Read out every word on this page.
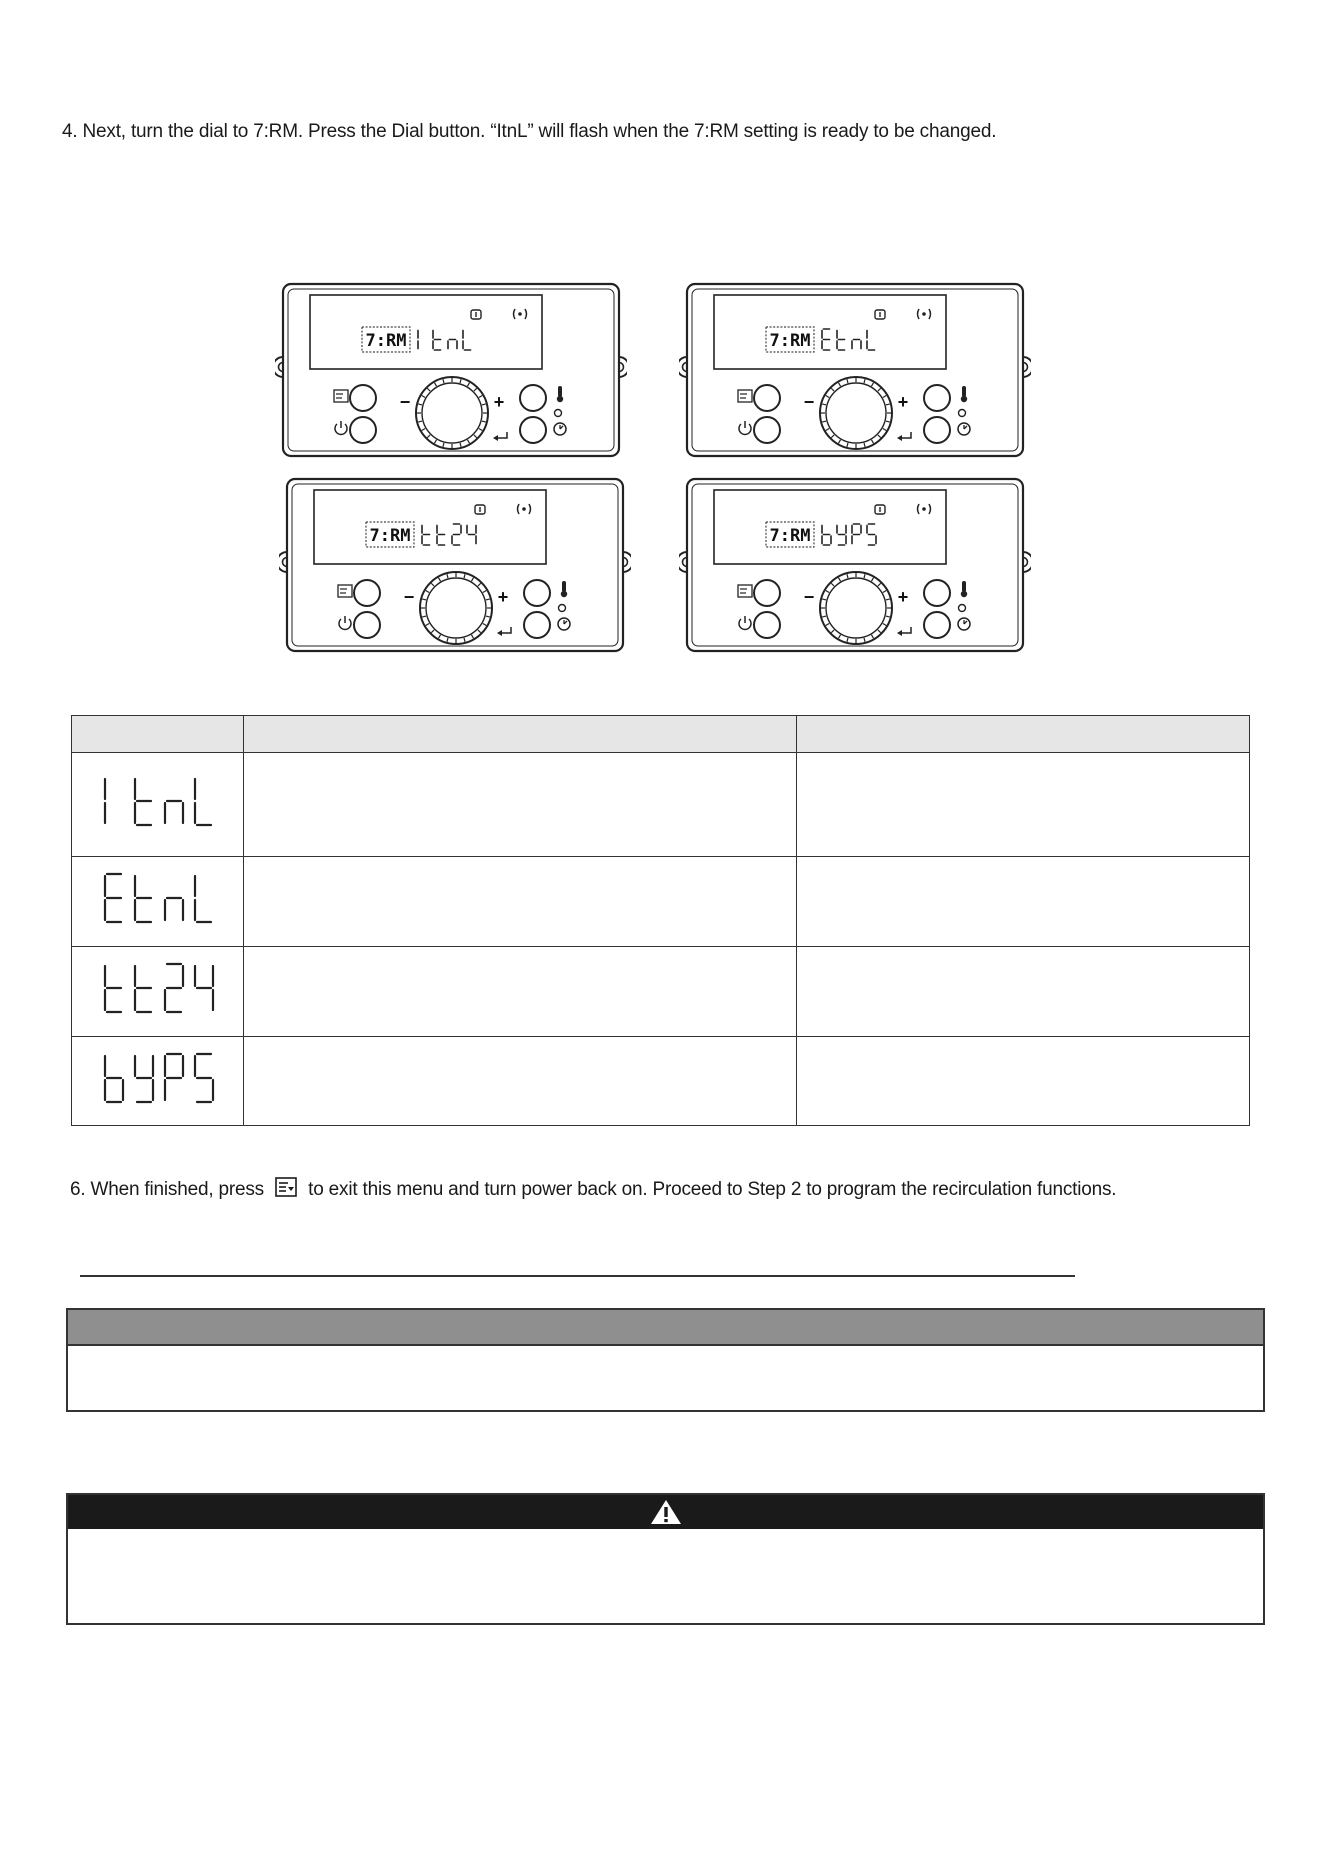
4. Next, turn the dial to 7:RM. Press the Dial button. “ItnL” will flash when the 7:RM setting is ready to be changed.
7:RM
−	+
7:RM
−	+
7:RM
−	+
7:RM
−	+

6. When finished, press to exit this menu and turn power back on. Proceed to Step 2 to program the recirculation functions.
